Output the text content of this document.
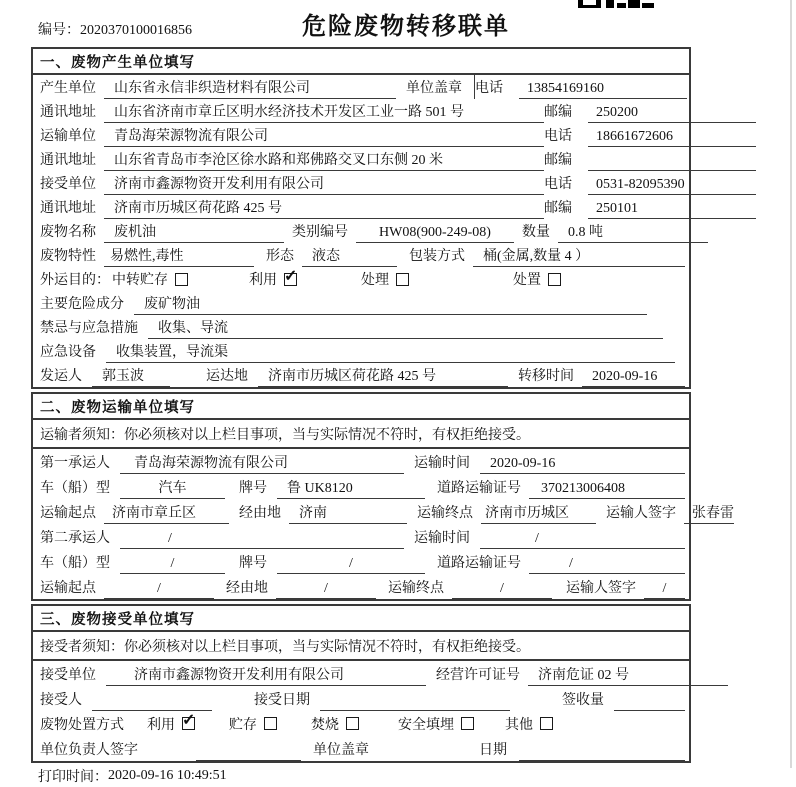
编号：2020370100016856	危险废物转移联单
一、废物产生单位填写
产生单位	山东省永信非织造材料有限公司	单位盖章 电话	13854169160
通讯地址	山东省济南市章丘区明水经济技术开发区工业一路 501 号	邮编	250200
运输单位	青岛海荣源物流有限公司	电话	18661672606
通讯地址	山东省青岛市李沧区徐水路和郑佛路交叉口东侧 20 米	邮编
接受单位	济南市鑫源物资开发利用有限公司	电话	0531-82095390
通讯地址	济南市历城区荷花路 425 号	邮编	250101
废物名称	废机油	类别编号	HW08(900-249-08)	数量	0.8 吨
废物特性	易燃性,毒性	形态	液态	包装方式	桶(金属,数量 4 ）
外运目的： 中转贮存	利用 ✓	处理	处置
主要危险成分	废矿物油
禁忌与应急措施	收集、导流
应急设备	收集装置，导流渠
发运人	郭玉波	运达地	济南市历城区荷花路 425 号	转移时间	2020-09-16
二、废物运输单位填写
运输者须知：你必须核对以上栏目事项，当与实际情况不符时，有权拒绝接受。
第一承运人	青岛海荣源物流有限公司	运输时间	2020-09-16
车（船）型	汽车	牌号	鲁 UK8120	道路运输证号	370213006408
运输起点	济南市章丘区	经由地	济南	运输终点 济南市历城区	运输人签字	张春雷
第二承运人	/	运输时间	/
车（船）型	/	牌号	/	道路运输证号	/
运输起点	/	经由地	/	运输终点	/	运输人签字	/
三、废物接受单位填写
接受者须知：你必须核对以上栏目事项，当与实际情况不符时，有权拒绝接受。
接受单位	济南市鑫源物资开发利用有限公司	经营许可证号	济南危证 02 号
接受人	接受日期	签收量
废物处置方式 利用 ✓	贮存	焚烧	安全填埋	其他
单位负责人签字	单位盖章	日期
打印时间： 2020-09-16 10:49:51
